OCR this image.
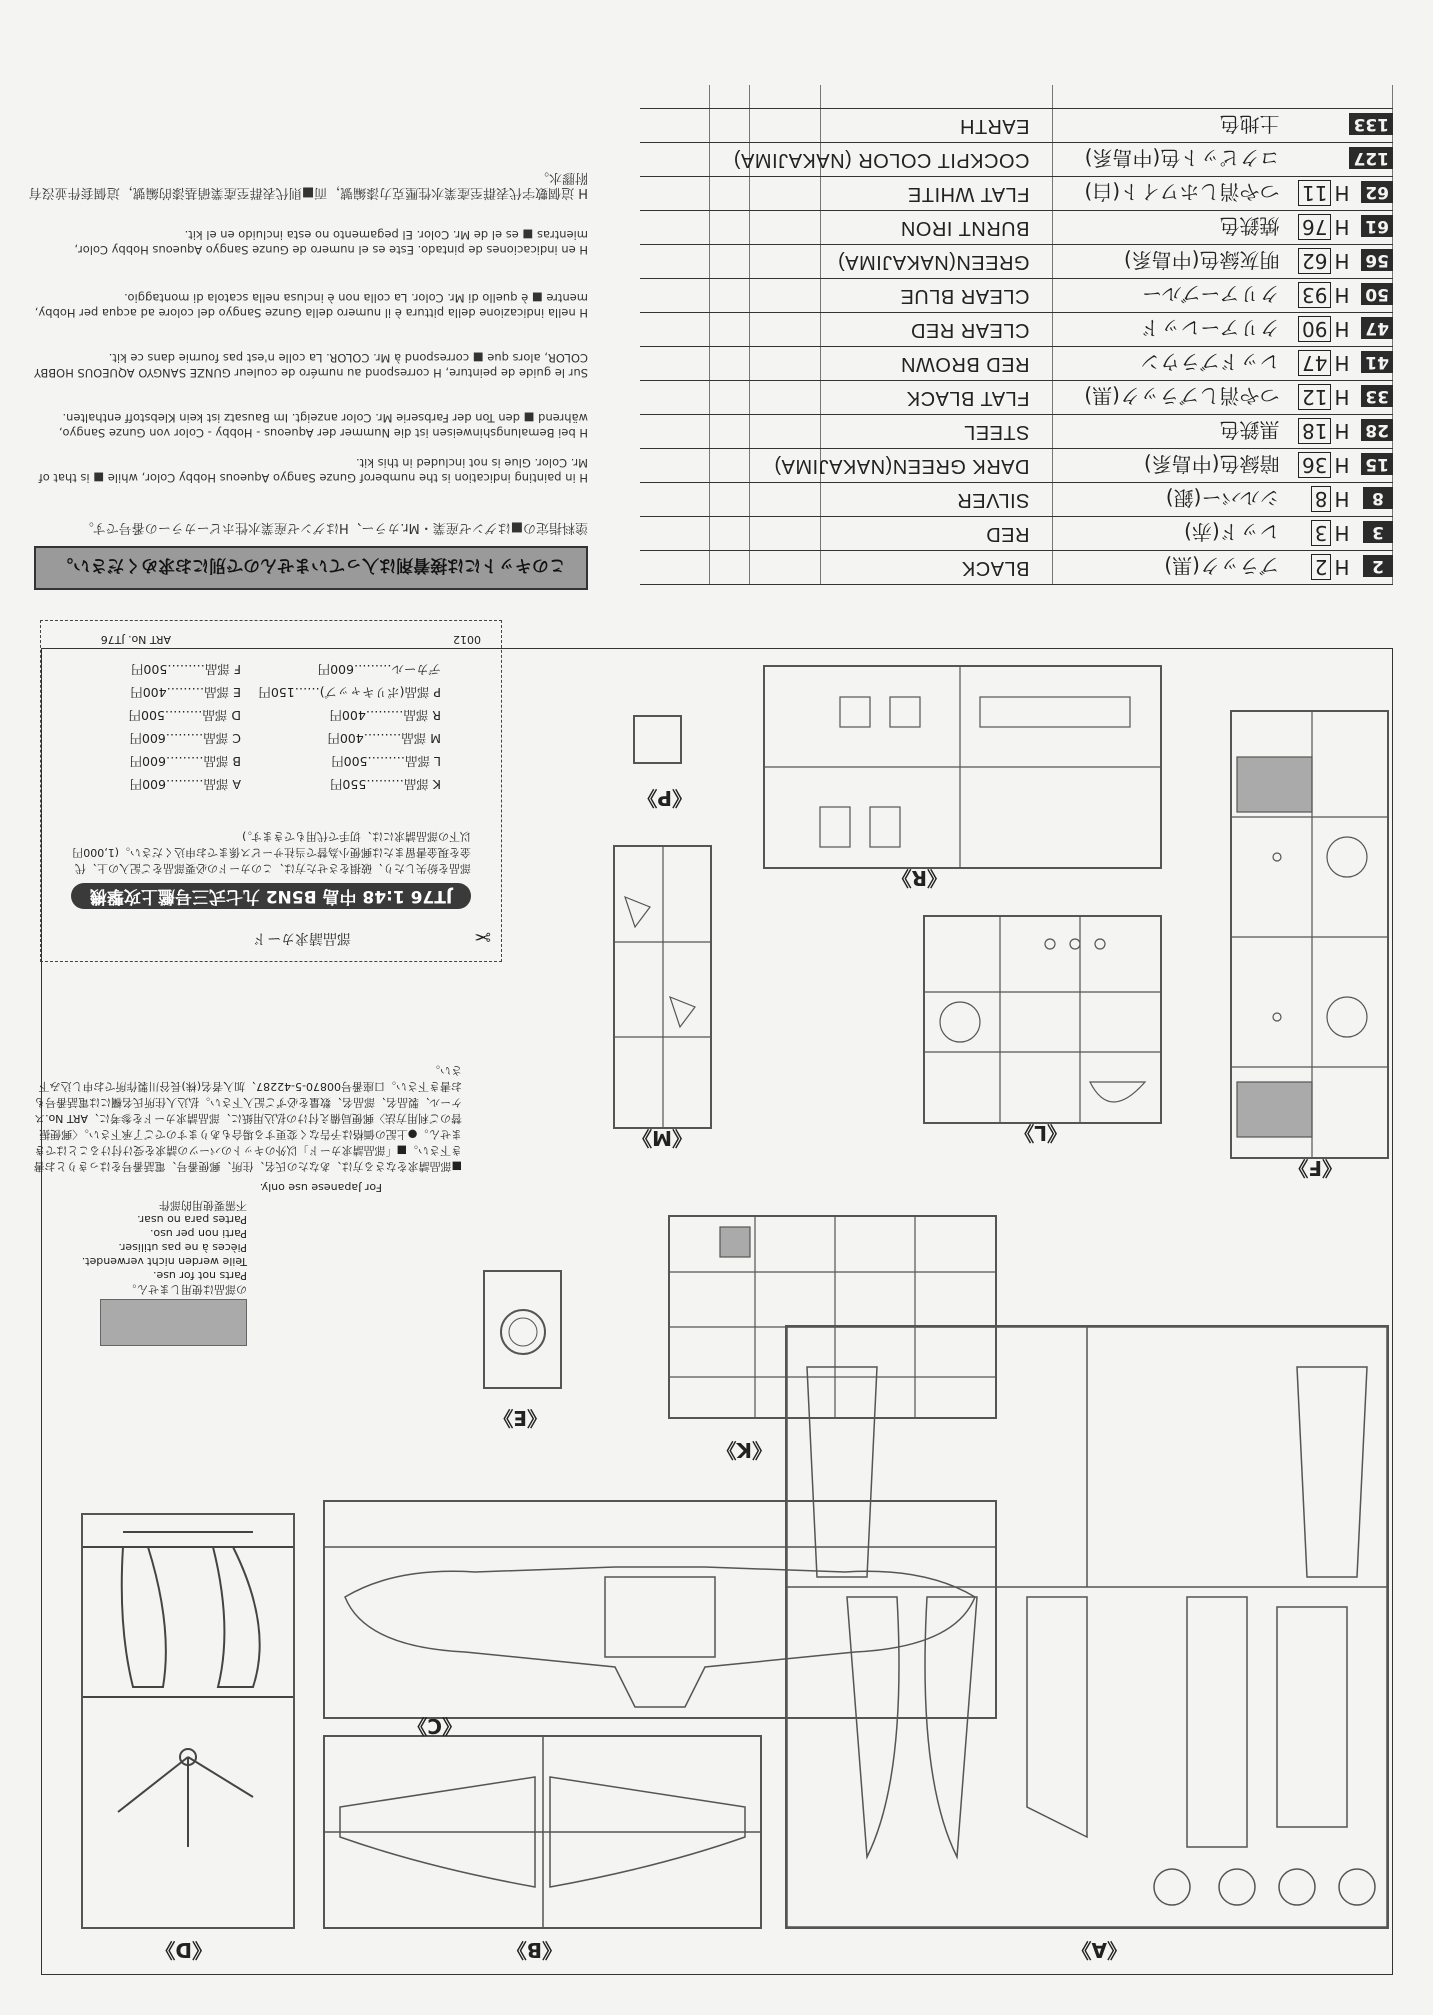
2	H2	ブラック(黒)	BLACK
3	H3	レッド(赤)	RED
8	H8	シルバー(銀)	SILVER
15	H36	暗緑色(中島系)	DARK GREEN(NAKAJIMA)
28	H18	黒鉄色	STEEL
33	H12	つや消しブラック(黒)	FLAT BLACK
41	H47	レッドブラウン	RED BROWN
47	H90	クリアーレッド	CLEAR RED
50	H93	クリアーブルー	CLEAR BLUE
56	H62	明灰緑色(中島系)	GREEN(NAKAJIMA)
61	H76	焼鉄色	BURNT IRON
62	H11	つや消しホワイト(白)	FLAT WHITE
127		コクピット色(中島系)	COCKPIT COLOR (NAKAJIMA)
133		土地色	EARTH
このキットには接着剤は入っていませんので別にお求めください。
塗料指定の■はグンゼ産業・Mr.カラー、Hはグンゼ産業水性ホビーカラーの番号です。
H in painting indication is the numberof Gunze Sangyo Aqueous Hobby Color, while ■ is that of Mr. Color. Glue is not included in this kit.
H bei Bemalungshinweisen ist die Nummer der Aqueous - Hobby - Color von Gunze Sangyo, während ■ den Ton der Farbserie Mr. Color anzeigt. Im Bausatz ist kein Klebstoff enthalten.
Sur le guide de peinture, H correspond au numéro de couleur GUNZE SANGYO AQUEOUS HOBBY COLOR, alors que ■ correspond à Mr. COLOR. La colle n'est pas fournie dans ce kit.
H nella indicazione della pittura è il numero della Gunze Sangyo del colore ad acqua per Hobby, mentre ■ è quello di Mr. Color. La colla non è inclusa nella scatola di montaggio.
H en indicaciones de pintado. Este es el numero de Gunze Sangyo Aqueous Hobby Color, mientras ■ es el de Mr. Color. El pegamento no esta incluido en el kit.
H 這個數字代表群至產業水性壓克力漆編號，而■則代表群至產業硝基漆的編號，這個套件並沒有附膠水。
《D》	《B》	《A》
《C》
《E》
《K》
《F》
《L》
《M》
《R》
《P》
の部品は使用しません。
Parts not for use.
Teile werden nicht verwendet.
Pièces à ne pas utiliser.
Parti non per uso.
Partes para no usar.
不需要使用的部件
For Japanese use only.
■部品請求をなさる方は、あなたの氏名、住所、郵便番号、電話番号をはっきりとお書き下さい。■「部品請求カード」以外のキットのパーツの請求を受け付けることはできません。●上記の価格は予告なく変更する場合もありますのでご了承下さい。〈郵便振替のご利用方法〉郵便局備え付けの払込用紙に、部品請求カードを参考に、ART No.スケール、製品名、部品名、数量を必ずご記入下さい。払込人住所氏名欄には電話番号もお書き下さい。口座番号00870-5-42287、加入者名(株)長谷川製作所でお申し込み下さい。
部品請求カード	✂
JT76 1:48 中島 B5N2 九七式三号艦上攻撃機
部品を紛失したり、破損をさせた方は、このカードの必要部品をご記入の上、代金を現金書留または郵便小為替で当社サービス係までお申込ください。(1,000円以下の部品請求には、切手で代用もできます。)
A 部品………600円
B 部品………600円
C 部品………600円
D 部品………500円
E 部品………400円
F 部品………500円
K 部品………550円
L 部品………500円
M 部品………400円
R 部品………400円
P 部品(ポリキャップ)……150円
デカール………600円
0012
ART No. JT76
